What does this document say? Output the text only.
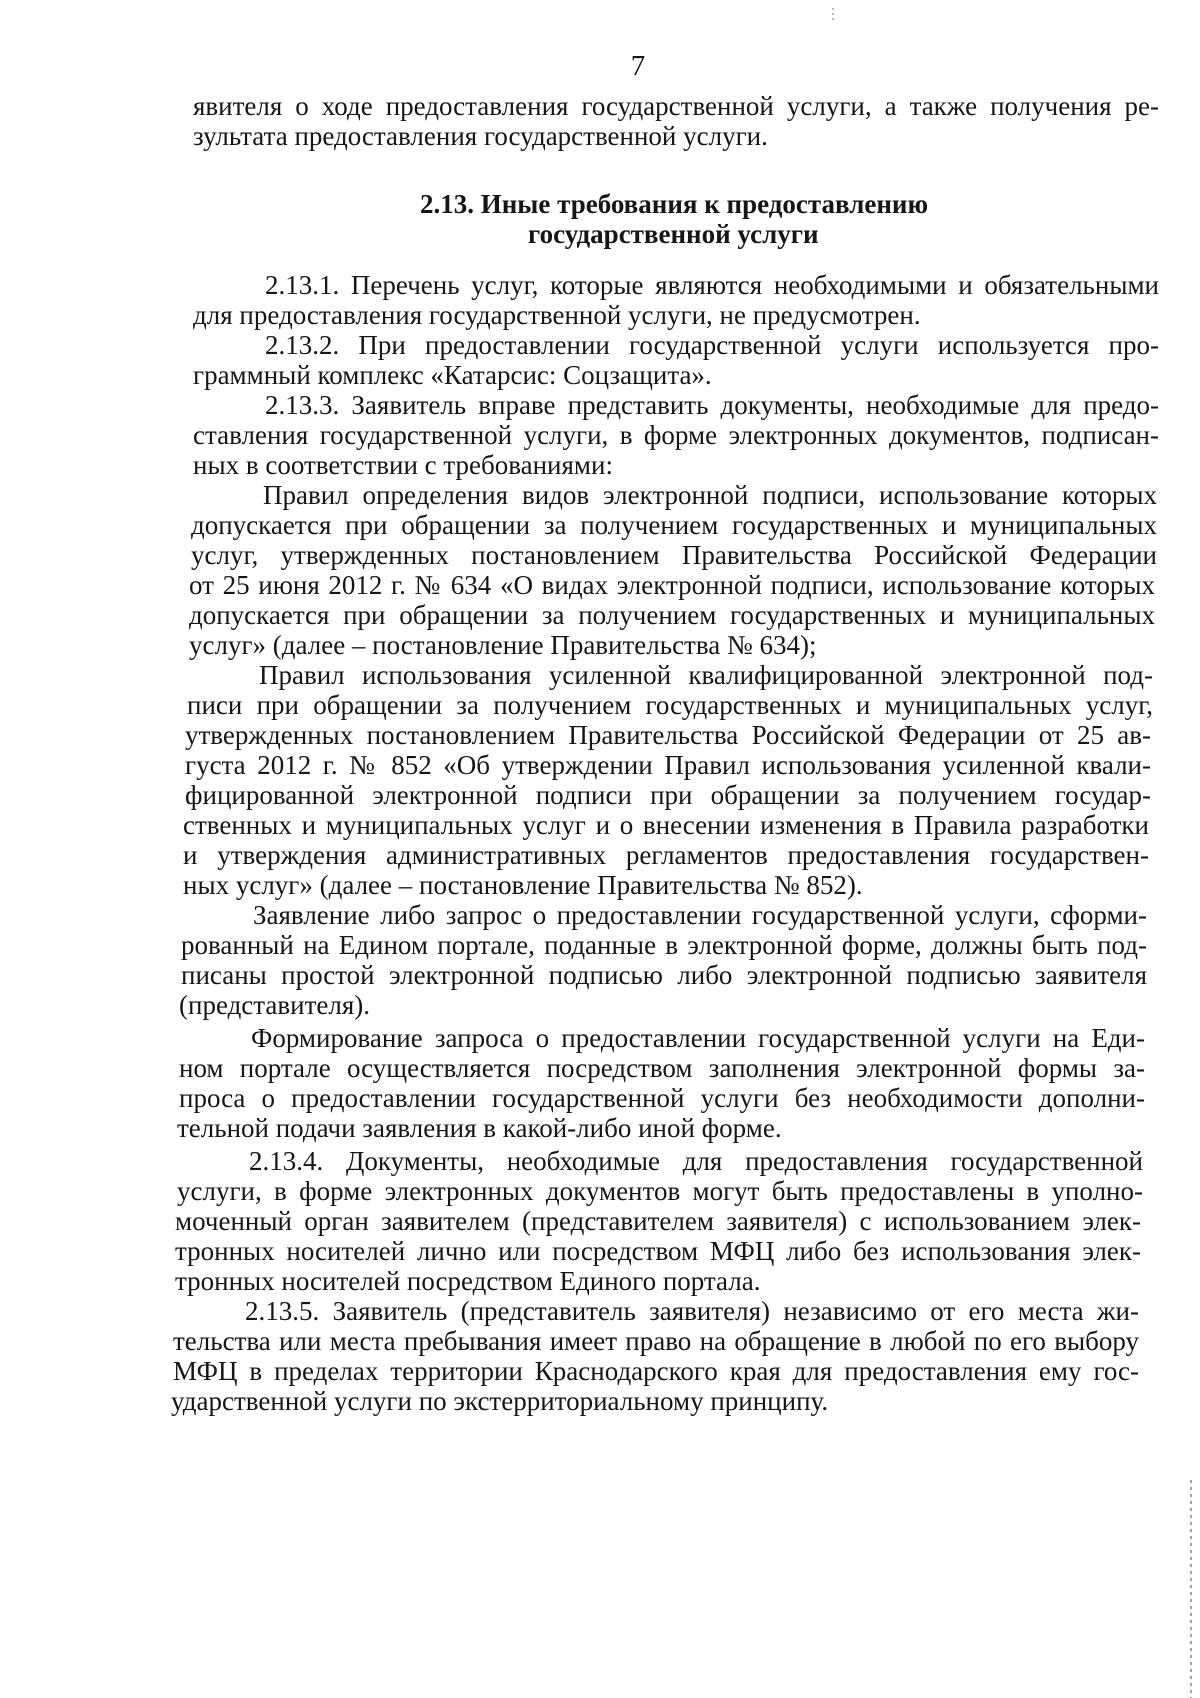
7
явителя о ходе предоставления государственной услуги, а также получения ре-
зультата предоставления государственной услуги.
2.13. Иные требования к предоставлению
государственной услуги
2.13.1. Перечень услуг, которые являются необходимыми и обязательными
для предоставления государственной услуги, не предусмотрен.
2.13.2. При предоставлении государственной услуги используется про-
граммный комплекс «Катарсис: Соцзащита».
2.13.3. Заявитель вправе представить документы, необходимые для предо-
ставления государственной услуги, в форме электронных документов, подписан-
ных в соответствии с требованиями:
Правил определения видов электронной подписи, использование которых
допускается при обращении за получением государственных и муниципальных
услуг, утвержденных постановлением Правительства Российской Федерации
от 25 июня 2012 г. № 634 «О видах электронной подписи, использование которых
допускается при обращении за получением государственных и муниципальных
услуг» (далее – постановление Правительства № 634);
Правил использования усиленной квалифицированной электронной под-
писи при обращении за получением государственных и муниципальных услуг,
утвержденных постановлением Правительства Российской Федерации от 25 ав-
густа 2012 г. № 852 «Об утверждении Правил использования усиленной квали-
фицированной электронной подписи при обращении за получением государ-
ственных и муниципальных услуг и о внесении изменения в Правила разработки
и утверждения административных регламентов предоставления государствен-
ных услуг» (далее – постановление Правительства № 852).
Заявление либо запрос о предоставлении государственной услуги, сформи-
рованный на Едином портале, поданные в электронной форме, должны быть под-
писаны простой электронной подписью либо электронной подписью заявителя
(представителя).
Формирование запроса о предоставлении государственной услуги на Еди-
ном портале осуществляется посредством заполнения электронной формы за-
проса о предоставлении государственной услуги без необходимости дополни-
тельной подачи заявления в какой-либо иной форме.
2.13.4. Документы, необходимые для предоставления государственной
услуги, в форме электронных документов могут быть предоставлены в уполно-
моченный орган заявителем (представителем заявителя) с использованием элек-
тронных носителей лично или посредством МФЦ либо без использования элек-
тронных носителей посредством Единого портала.
2.13.5. Заявитель (представитель заявителя) независимо от его места жи-
тельства или места пребывания имеет право на обращение в любой по его выбору
МФЦ в пределах территории Краснодарского края для предоставления ему гос-
ударственной услуги по экстерриториальному принципу.
